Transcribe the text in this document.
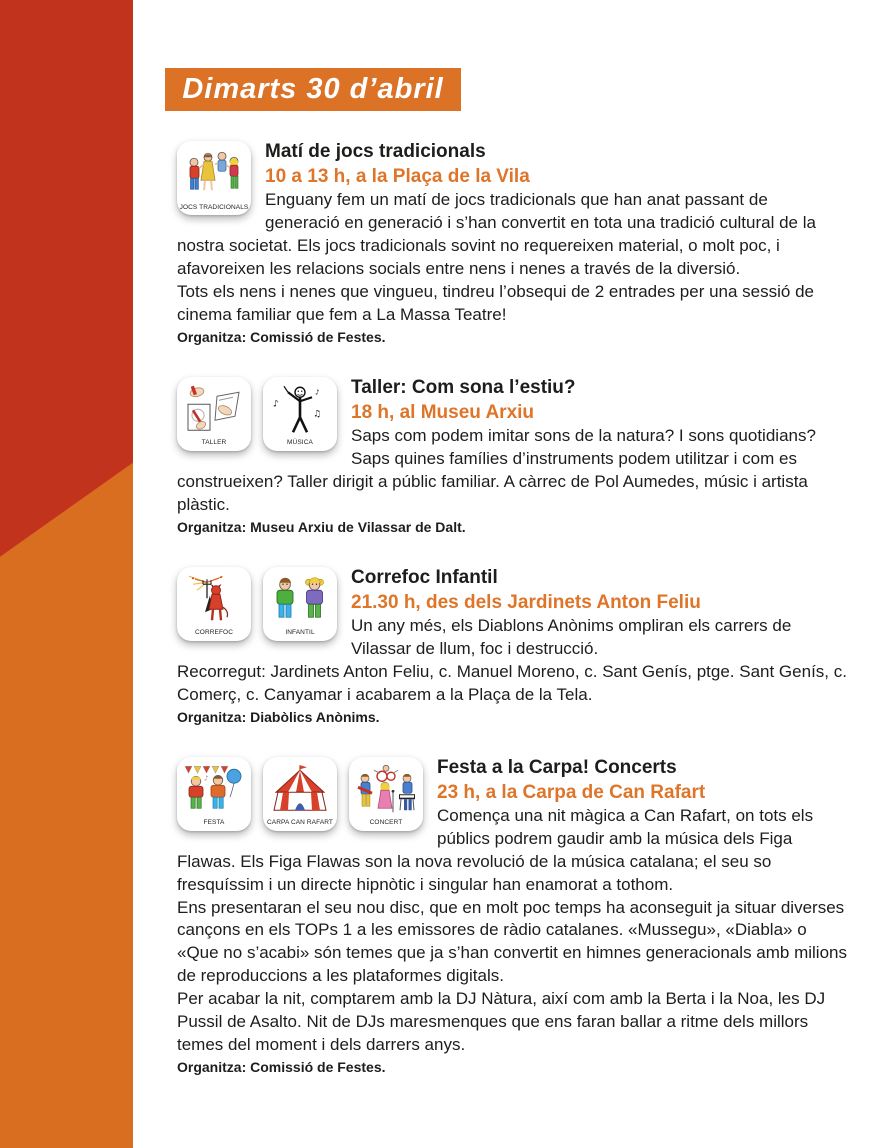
Dimarts 30 d’abril
JOCS TRADICIONALS
Matí de jocs tradicionals
10 a 13 h, a la Plaça de la Vila

Enguany fem un matí de jocs tradicionals que han anat passant de generació en generació i s’han convertit en tota una tradició cultural de la nostra societat. Els jocs tradicionals sovint no requereixen material, o molt poc, i afavoreixen les relacions socials entre nens i nenes a través de la diversió.

Tots els nens i nenes que vingueu, tindreu l’obsequi de 2 entrades per una sessió de cinema familiar que fem a La Massa Teatre!

Organitza: Comissió de Festes.
TALLER
♪
♪
♫
MÚSICA
Taller: Com sona l’estiu?
18 h, al Museu Arxiu

Saps com podem imitar sons de la natura? I sons quotidians? Saps quines famílies d’instruments podem utilitzar i com es construeixen? Taller dirigit a públic familiar. A càrrec de Pol Aumedes, músic i artista plàstic.

Organitza: Museu Arxiu de Vilassar de Dalt.
CORREFOC	INFANTIL
Correfoc Infantil
21.30 h, des dels Jardinets Anton Feliu

Un any més, els Diablons Anònims ompliran els carrers de Vilassar de llum, foc i destrucció.

Recorregut: Jardinets Anton Feliu, c. Manuel Moreno, c. Sant Genís, ptge. Sant Genís, c. Comerç, c. Canyamar i acabarem a la Plaça de la Tela.

Organitza: Diabòlics Anònims.
♪
FESTA	CARPA CAN RAFART	CONCERT
Festa a la Carpa! Concerts
23 h, a la Carpa de Can Rafart

Comença una nit màgica a Can Rafart, on tots els públics podrem gaudir amb la música dels Figa Flawas. Els Figa Flawas son la nova revolució de la música catalana; el seu so fresquíssim i un directe hipnòtic i singular han enamorat a tothom.

Ens presentaran el seu nou disc, que en molt poc temps ha aconseguit ja situar diverses cançons en els TOPs 1 a les emissores de ràdio catalanes. «Mussegu», «Diabla» o «Que no s’acabi» són temes que ja s’han convertit en himnes generacionals amb milions de reproduccions a les plataformes digitals.

Per acabar la nit, comptarem amb la DJ Nàtura, així com amb la Berta i la Noa, les DJ Pussil de Asalto. Nit de DJs maresmenques que ens faran ballar a ritme dels millors temes del moment i dels darrers anys.

Organitza: Comissió de Festes.
